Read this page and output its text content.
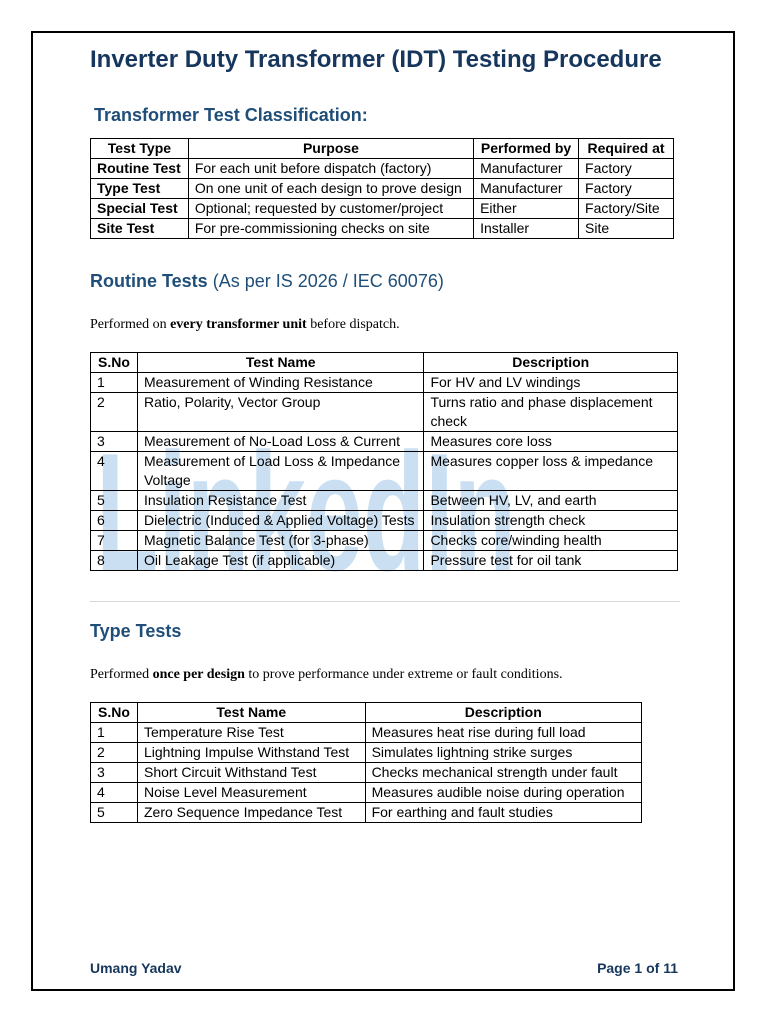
LinkedIn
Inverter Duty Transformer (IDT) Testing Procedure
Transformer Test Classification:
Test Type	Purpose	Performed by	Required at
Routine Test	For each unit before dispatch (factory)	Manufacturer	Factory
Type Test	On one unit of each design to prove design	Manufacturer	Factory
Special Test	Optional; requested by customer/project	Either	Factory/Site
Site Test	For pre-commissioning checks on site	Installer	Site
Routine Tests (As per IS 2026 / IEC 60076)

Performed on every transformer unit before dispatch.

S.No	Test Name	Description
1	Measurement of Winding Resistance	For HV and LV windings
2	Ratio, Polarity, Vector Group	Turns ratio and phase displacement check
3	Measurement of No-Load Loss & Current	Measures core loss
4	Measurement of Load Loss & Impedance Voltage	Measures copper loss & impedance
5	Insulation Resistance Test	Between HV, LV, and earth
6	Dielectric (Induced & Applied Voltage) Tests	Insulation strength check
7	Magnetic Balance Test (for 3-phase)	Checks core/winding health
8	Oil Leakage Test (if applicable)	Pressure test for oil tank
Type Tests

Performed once per design to prove performance under extreme or fault conditions.

S.No	Test Name	Description
1	Temperature Rise Test	Measures heat rise during full load
2	Lightning Impulse Withstand Test	Simulates lightning strike surges
3	Short Circuit Withstand Test	Checks mechanical strength under fault
4	Noise Level Measurement	Measures audible noise during operation
5	Zero Sequence Impedance Test	For earthing and fault studies
Umang Yadav	Page 1 of 11
